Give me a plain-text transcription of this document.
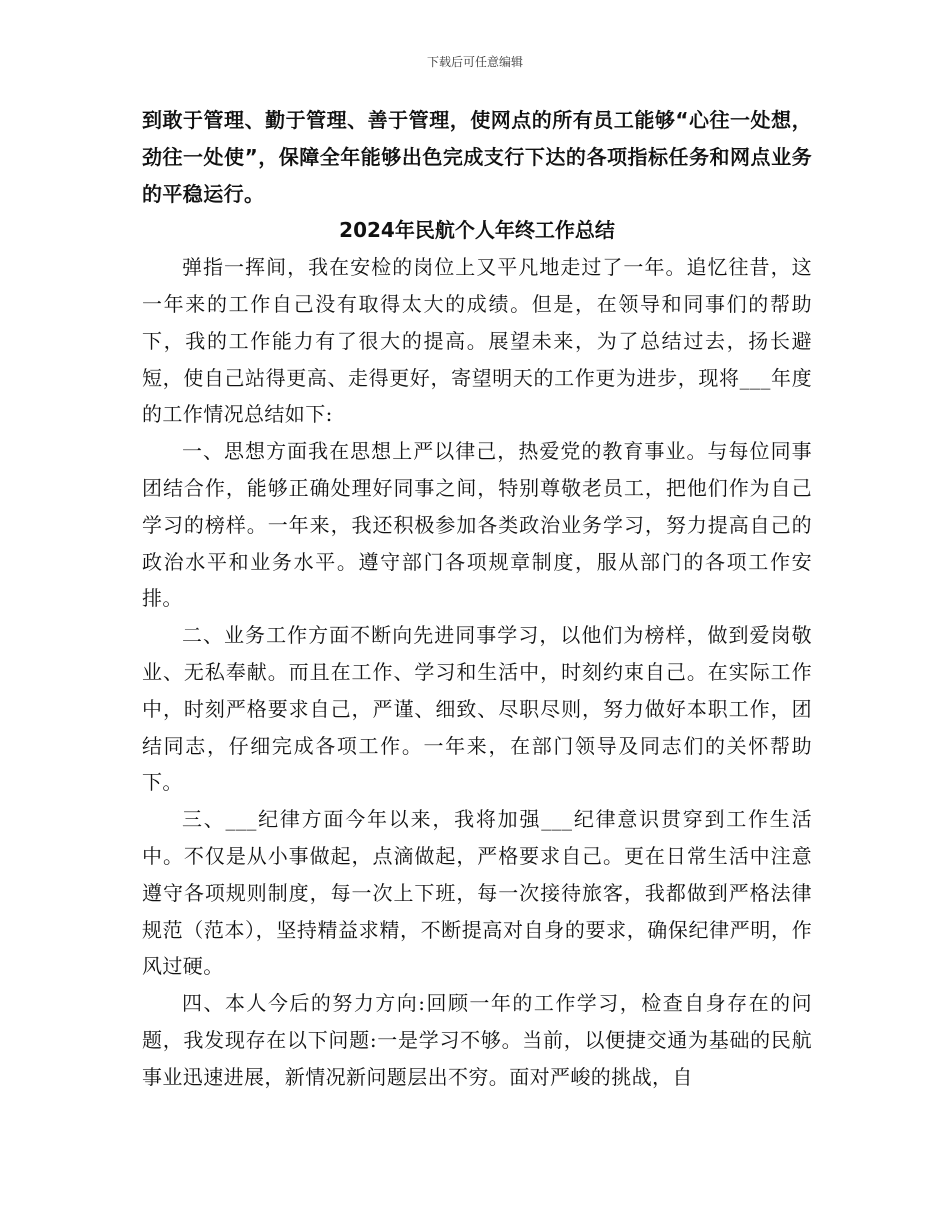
下载后可任意编辑

到敢于管理、勤于管理、善于管理，使网点的所有员工能够“心往一处想，劲往一处使”，保障全年能够出色完成支行下达的各项指标任务和网点业务的平稳运行。

2024年民航个人年终工作总结

弹指一挥间，我在安检的岗位上又平凡地走过了一年。追忆往昔，这一年来的工作自己没有取得太大的成绩。但是，在领导和同事们的帮助下，我的工作能力有了很大的提高。展望未来，为了总结过去，扬长避短，使自己站得更高、走得更好，寄望明天的工作更为进步，现将___年度的工作情况总结如下:

一、思想方面我在思想上严以律己，热爱党的教育事业。与每位同事团结合作，能够正确处理好同事之间，特别尊敬老员工，把他们作为自己学习的榜样。一年来，我还积极参加各类政治业务学习，努力提高自己的政治水平和业务水平。遵守部门各项规章制度，服从部门的各项工作安排。

二、业务工作方面不断向先进同事学习，以他们为榜样，做到爱岗敬业、无私奉献。而且在工作、学习和生活中，时刻约束自己。在实际工作中，时刻严格要求自己，严谨、细致、尽职尽则，努力做好本职工作，团结同志，仔细完成各项工作。一年来，在部门领导及同志们的关怀帮助下。

三、___纪律方面今年以来，我将加强___纪律意识贯穿到工作生活中。不仅是从小事做起，点滴做起，严格要求自己。更在日常生活中注意遵守各项规则制度，每一次上下班，每一次接待旅客，我都做到严格法律规范（范本），坚持精益求精，不断提高对自身的要求，确保纪律严明，作风过硬。

四、本人今后的努力方向:回顾一年的工作学习，检查自身存在的问题，我发现存在以下问题:一是学习不够。当前，以便捷交通为基础的民航事业迅速进展，新情况新问题层出不穷。面对严峻的挑战，自
